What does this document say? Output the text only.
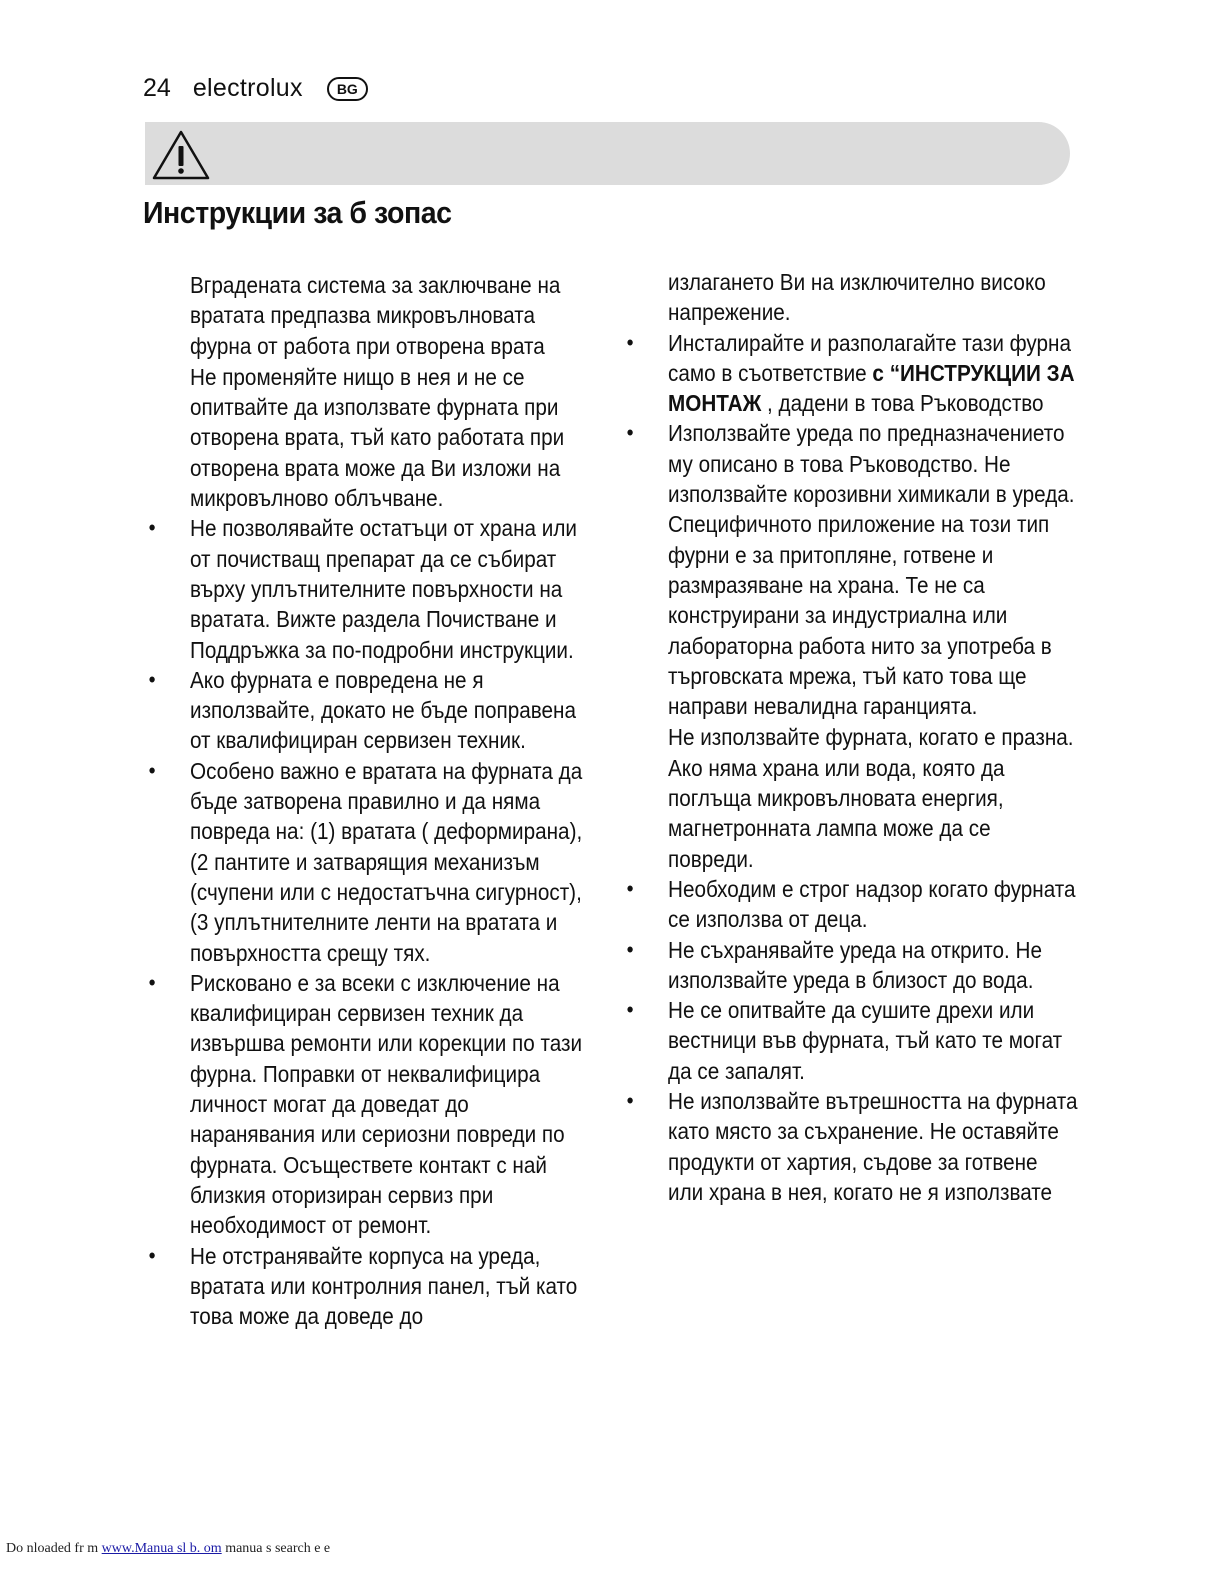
24 electrolux	BG
Инструкции за б зопас

Вградената система за заключване на вратата предпазва микровълновата фурна от работа при отворена врата

Не променяйте нищо в нея и не се опитвайте да използвате фурната при отворена врата, тъй като работата при отворена врата може да Ви изложи на микровълново облъчване.

• Не позволявайте остатъци от храна или от почистващ препарат да се събират върху уплътнителните повърхности на вратата. Вижте раздела Почистване и Поддръжка за по-подробни инструкции.

• Ако фурната е повредена не я използвайте, докато не бъде поправена от квалифициран сервизен техник.

• Особено важно е вратата на фурната да бъде затворена правилно и да няма повреда на: (1) вратата ( деформирана), (2 пантите и затварящия механизъм (счупени или с недостатъчна сигурност), (3 уплътнителните ленти на вратата и повърхността срещу тях.

• Рисковано е за всеки с изключение на квалифициран сервизен техник да извършва ремонти или корекции по тази фурна. Поправки от неквалифицира личност могат да доведат до наранявания или сериозни повреди по фурната. Осъществете контакт с най близкия оторизиран сервиз при необходимост от ремонт.

• Не отстранявайте корпуса на уреда, вратата или контролния панел, тъй като това може да доведе до

излагането Ви на изключително високо напрежение.

• Инсталирайте и разполагайте тази фурна само в съответствие с “ИНСТРУКЦИИ ЗА МОНТАЖ , дадени в това Ръководство

• Използвайте уреда по предназначението му описано в това Ръководство. Не използвайте корозивни химикали в уреда. Специфичното приложение на този тип фурни е за притопляне, готвене и размразяване на храна. Те не са конструирани за индустриална или лабораторна работа нито за употреба в търговската мрежа, тъй като това ще направи невалидна гаранцията.

Не използвайте фурната, когато е празна. Ако няма храна или вода, която да поглъща микровълновата енергия, магнетронната лампа може да се повреди.

• Необходим е строг надзор когато фурната се използва от деца.

• Не съхранявайте уреда на открито. Не използвайте уреда в близост до вода.

• Не се опитвайте да сушите дрехи или вестници във фурната, тъй като те могат да се запалят.

• Не използвайте вътрешността на фурната като място за съхранение. Не оставяйте продукти от хартия, съдове за готвене или храна в нея, когато не я използвате

Do nloaded fr m www.Manua sl b. om manua s search e e
